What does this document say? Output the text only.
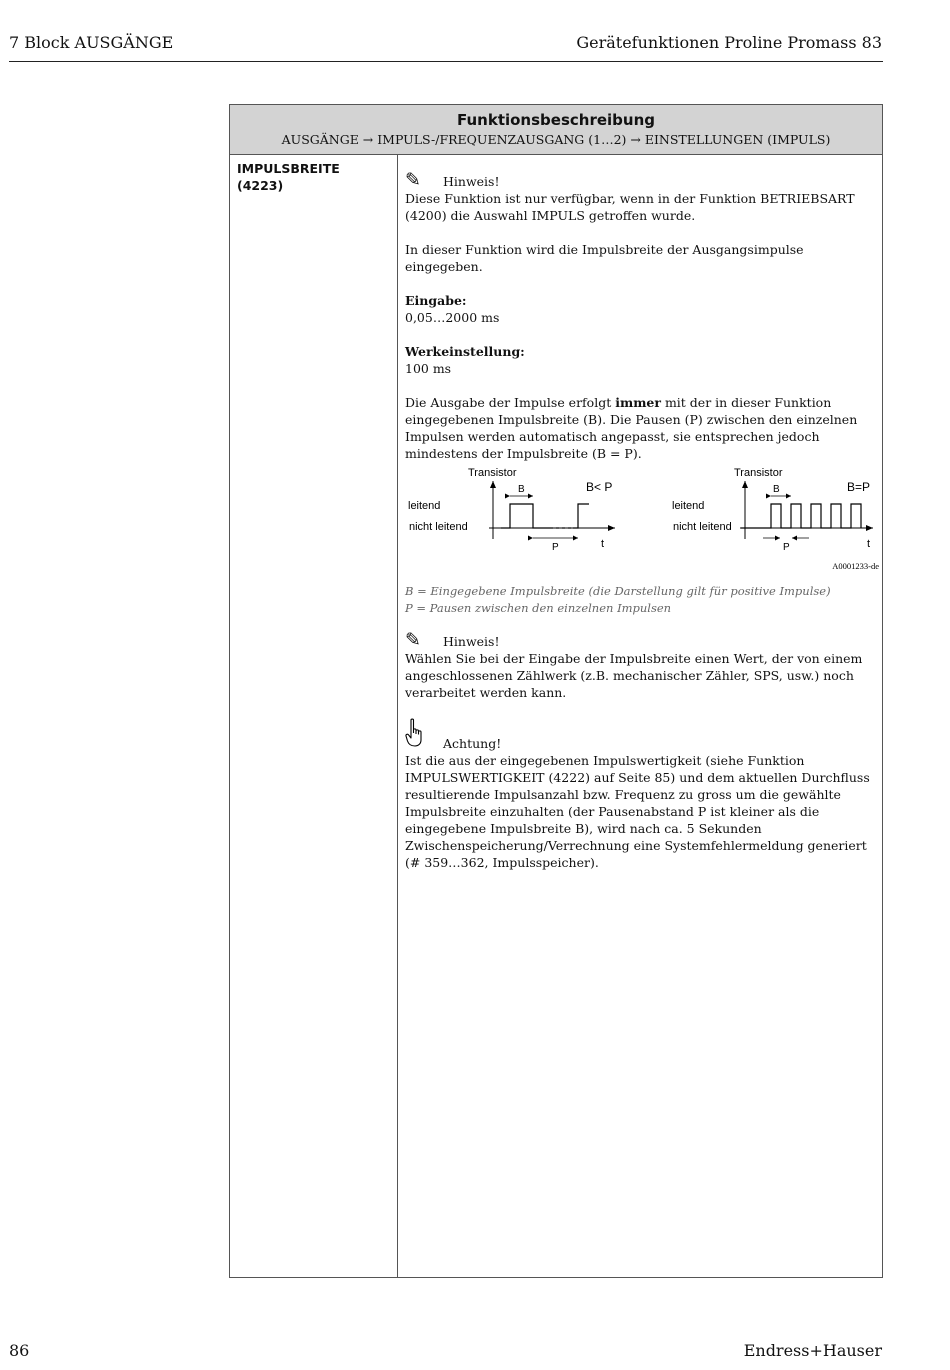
7 Block AUSGÄNGE	Gerätefunktionen Proline Promass 83
Funktionsbeschreibung
AUSGÄNGE → IMPULS-/FREQUENZAUSGANG (1…2) → EINSTELLUNGEN (IMPULS)
IMPULSBREITE
(4223)	✎	Hinweis!

Diese Funktion ist nur verfügbar, wenn in der Funktion BETRIEBSART (4200) die Auswahl IMPULS getroffen wurde.

In dieser Funktion wird die Impulsbreite der Ausgangsimpulse eingegeben.

Eingabe:

0,05…2000 ms

Werkeinstellung:

100 ms

Die Ausgabe der Impulse erfolgt immer mit der in dieser Funktion eingegebenen Impulsbreite (B). Die Pausen (P) zwischen den einzelnen Impulsen werden automatisch angepasst, sie entsprechen jedoch mindestens der Impulsbreite (B = P).

Transistor
leitend
nicht leitend
B
P	t
B< P
Transistor
leitend
nicht leitend
B
P	t
B=P
A0001233-de

B = Eingegebene Impulsbreite (die Darstellung gilt für positive Impulse)

P = Pausen zwischen den einzelnen Impulsen

✎	Hinweis!

Wählen Sie bei der Eingabe der Impulsbreite einen Wert, der von einem angeschlossenen Zählwerk (z.B. mechanischer Zähler, SPS, usw.) noch verarbeitet werden kann.

Achtung!

Ist die aus der eingegebenen Impulswertigkeit (siehe Funktion IMPULSWERTIGKEIT (4222) auf Seite 85) und dem aktuellen Durchfluss resultierende Impulsanzahl bzw. Frequenz zu gross um die gewählte Impulsbreite einzuhalten (der Pausenabstand P ist kleiner als die eingegebene Impulsbreite B), wird nach ca. 5 Sekunden Zwischenspeicherung/Verrechnung eine Systemfehlermeldung generiert (# 359…362, Impulsspeicher).

86	Endress+Hauser
